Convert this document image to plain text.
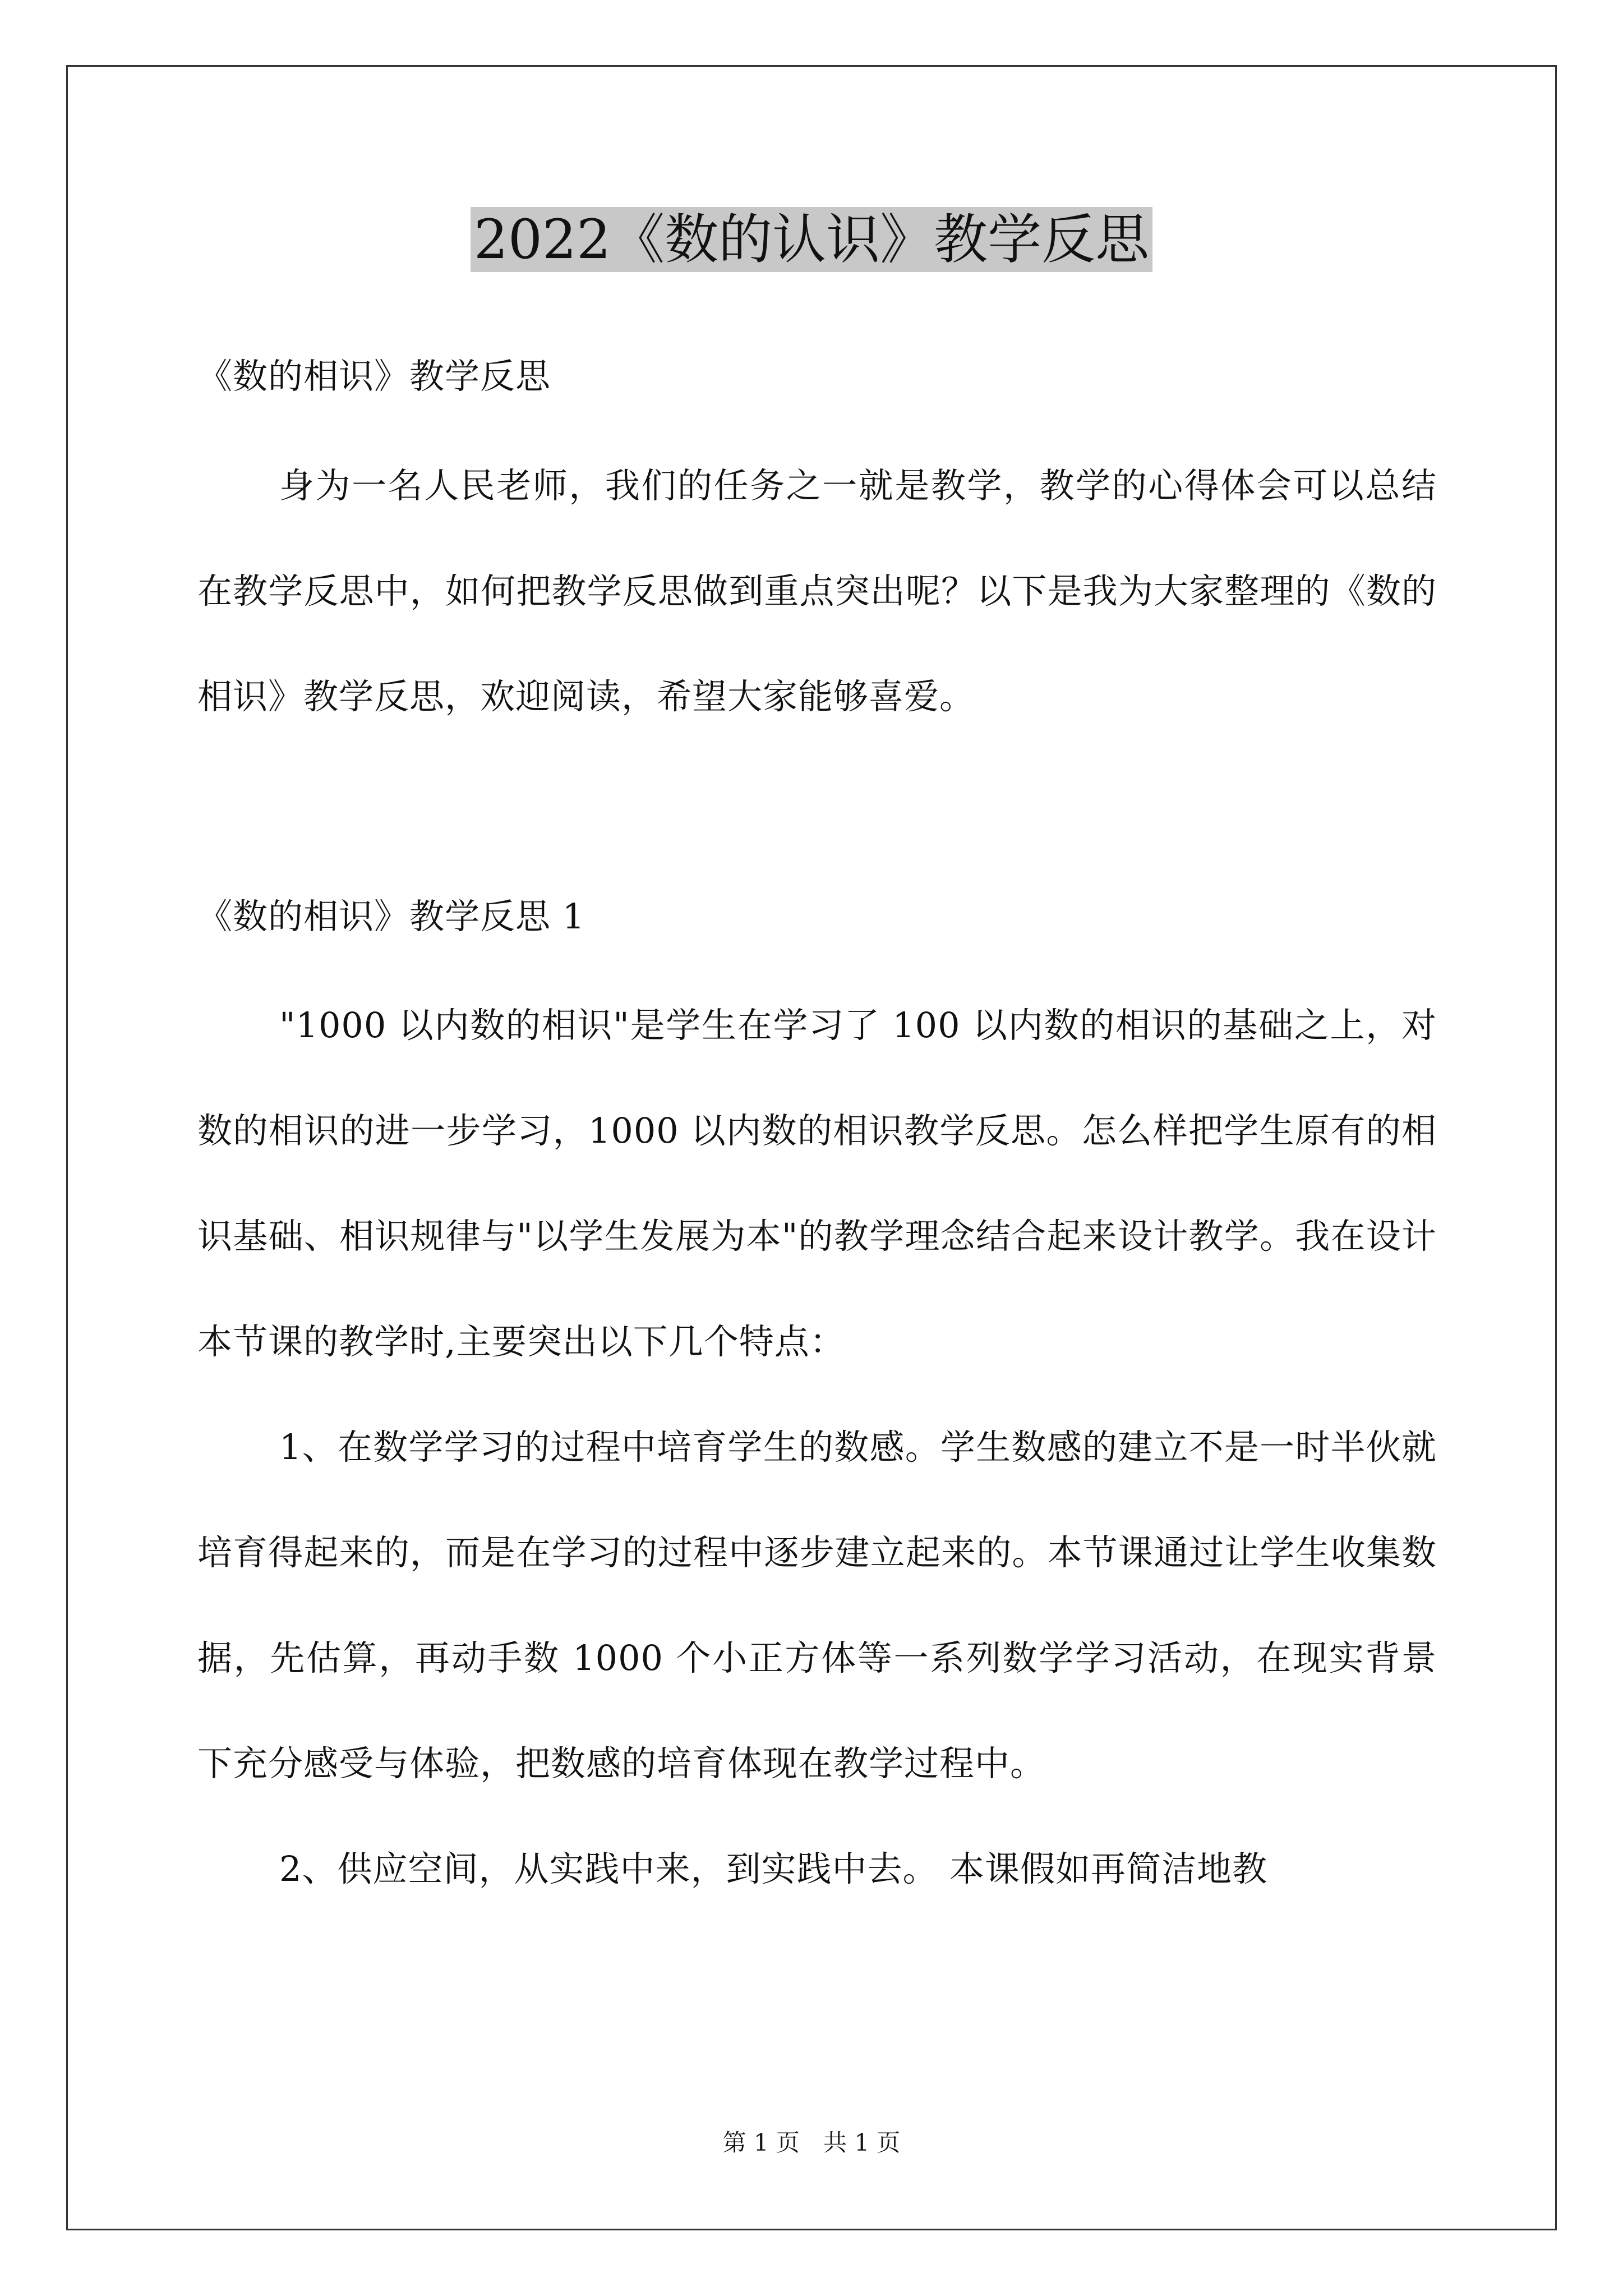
2022《数的认识》教学反思
《数的相识》教学反思

身为一名人民老师，我们的任务之一就是教学，教学的心得体会可以总结在教学反思中，如何把教学反思做到重点突出呢？以下是我为大家整理的《数的相识》教学反思，欢迎阅读，希望大家能够喜爱。

《数的相识》教学反思 1

"1000 以内数的相识"是学生在学习了 100 以内数的相识的基础之上，对数的相识的进一步学习，1000 以内数的相识教学反思。怎么样把学生原有的相识基础、相识规律与"以学生发展为本"的教学理念结合起来设计教学。我在设计本节课的教学时,主要突出以下几个特点：

1、在数学学习的过程中培育学生的数感。学生数感的建立不是一时半伙就培育得起来的，而是在学习的过程中逐步建立起来的。本节课通过让学生收集数据，先估算，再动手数 1000 个小正方体等一系列数学学习活动，在现实背景下充分感受与体验，把数感的培育体现在教学过程中。

2、供应空间，从实践中来，到实践中去。 本课假如再简洁地教

第 1 页　共 1 页
